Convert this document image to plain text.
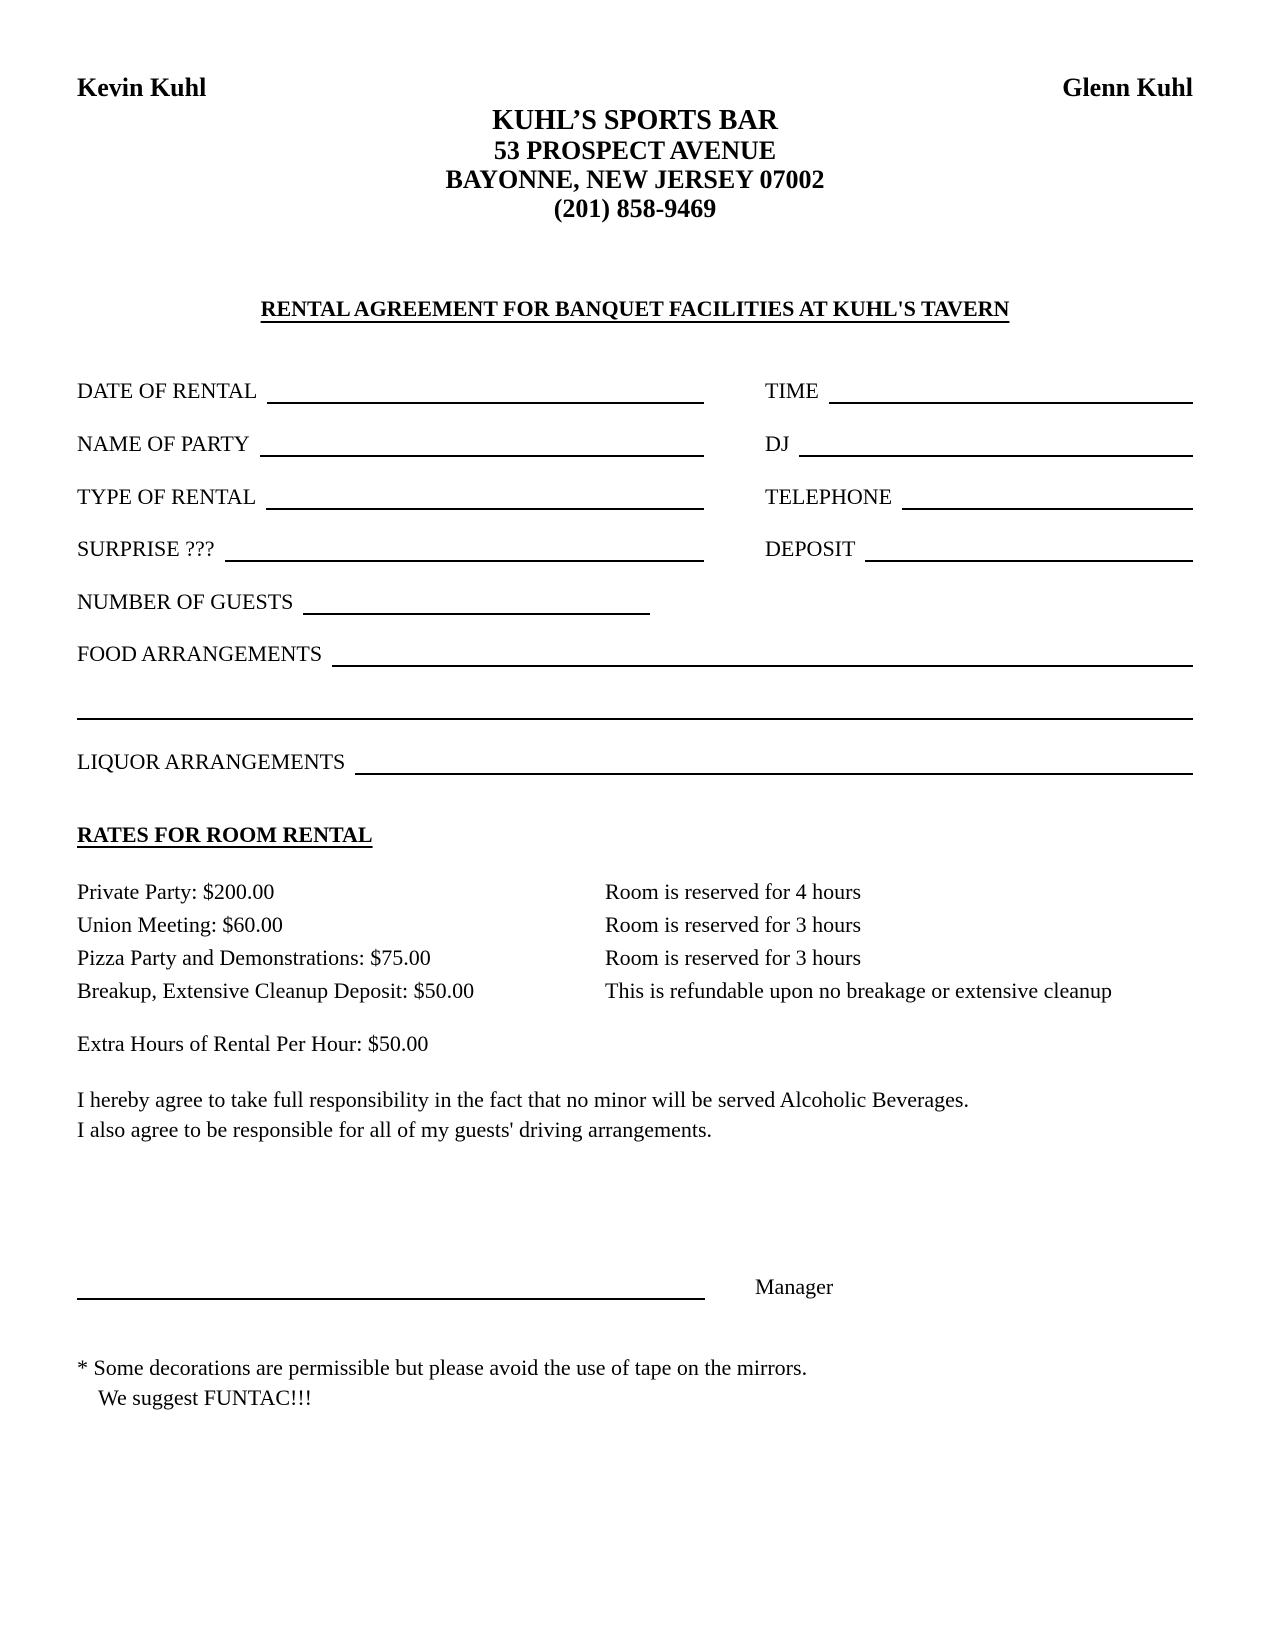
Kevin Kuhl	Glenn Kuhl
KUHL’S SPORTS BAR
53 PROSPECT AVENUE
BAYONNE, NEW JERSEY 07002
(201) 858-9469
RENTAL AGREEMENT FOR BANQUET FACILITIES AT KUHL'S TAVERN
DATE OF RENTAL	TIME
NAME OF PARTY	DJ
TYPE OF RENTAL	TELEPHONE
SURPRISE ???	DEPOSIT
NUMBER OF GUESTS
FOOD ARRANGEMENTS
LIQUOR ARRANGEMENTS
RATES FOR ROOM RENTAL
Private Party: $200.00	Room is reserved for 4 hours
Union Meeting: $60.00	Room is reserved for 3 hours
Pizza Party and Demonstrations: $75.00	Room is reserved for 3 hours
Breakup, Extensive Cleanup Deposit: $50.00	This is refundable upon no breakage or extensive cleanup
Extra Hours of Rental Per Hour: $50.00
I hereby agree to take full responsibility in the fact that no minor will be served Alcoholic Beverages.
I also agree to be responsible for all of my guests' driving arrangements.
Manager
* Some decorations are permissible but please avoid the use of tape on the mirrors.
We suggest FUNTAC!!!
